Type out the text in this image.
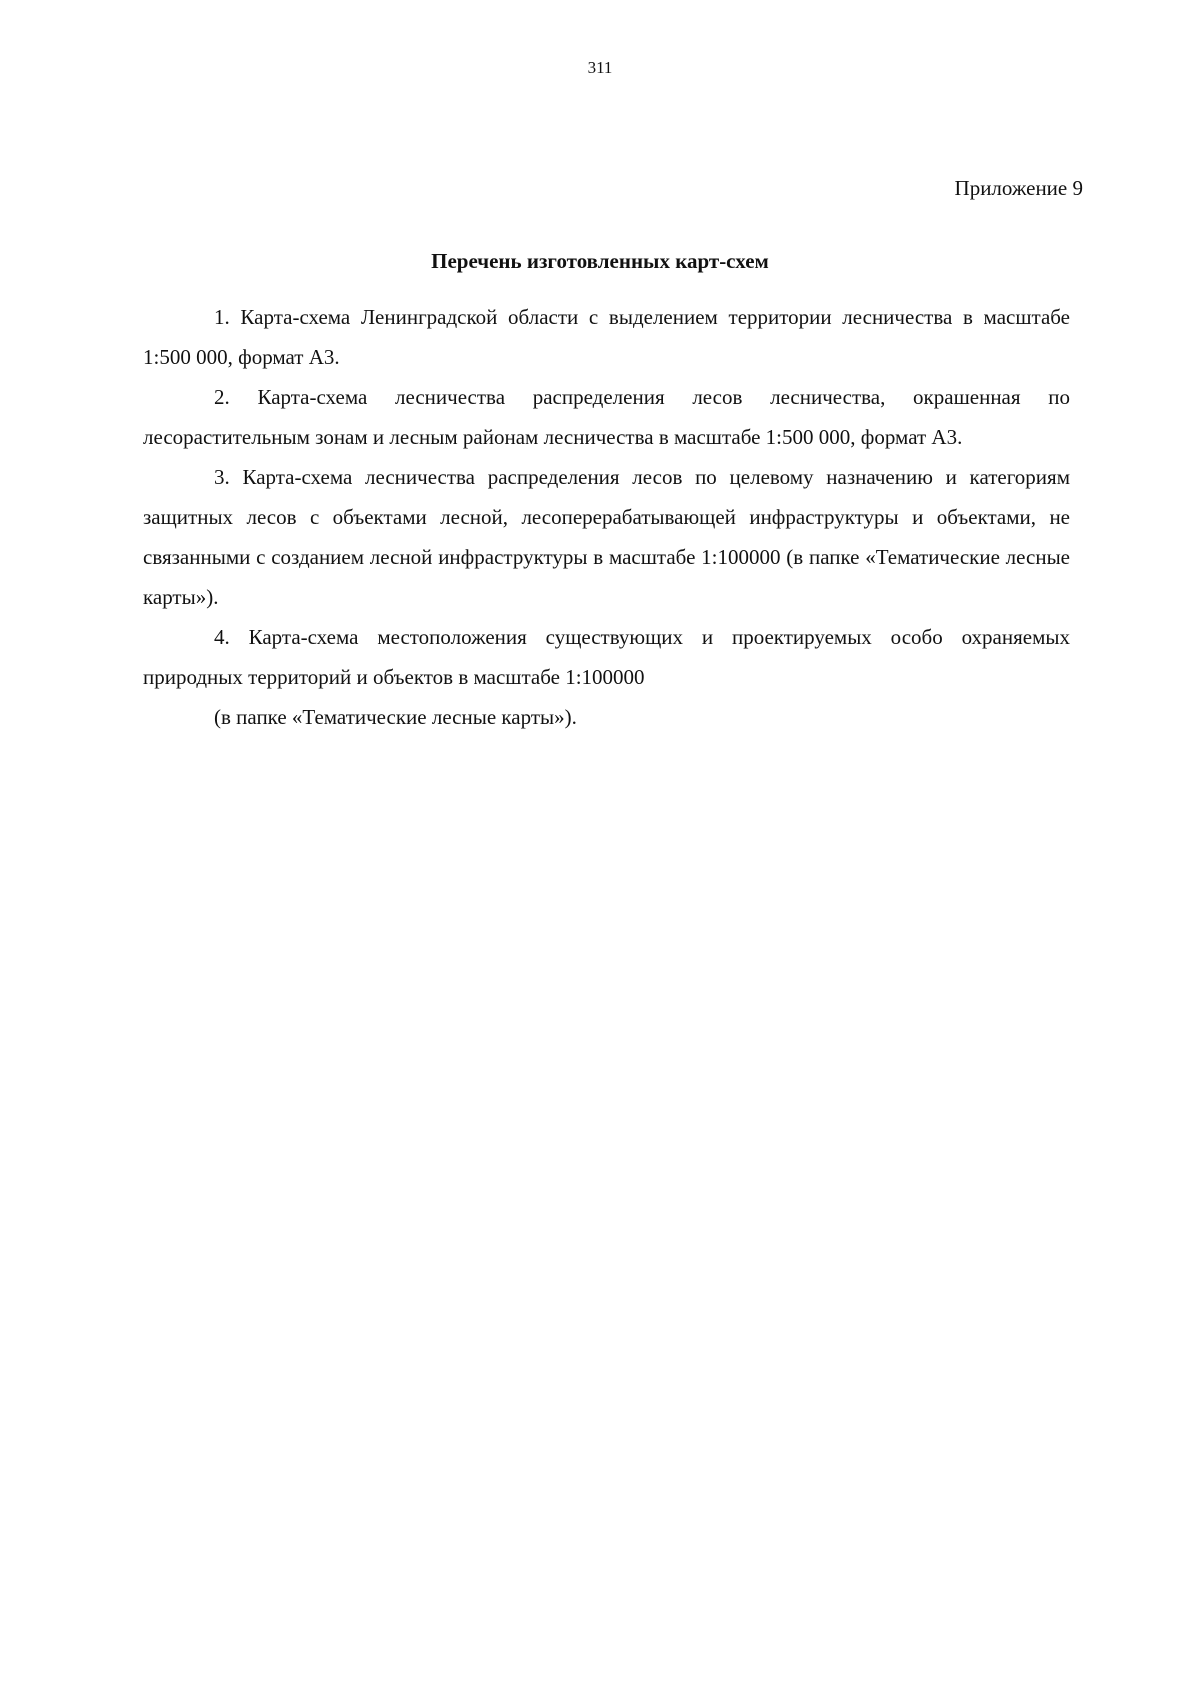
311
Приложение 9
Перечень изготовленных карт-схем

1. Карта-схема Ленинградской области с выделением территории лесничества в масштабе 1:500 000, формат А3.

2. Карта-схема лесничества распределения лесов лесничества, окрашенная по лесорастительным зонам и лесным районам лесничества в масштабе 1:500 000, формат А3.

3. Карта-схема лесничества распределения лесов по целевому назначению и категориям защитных лесов с объектами лесной, лесоперерабатывающей инфраструктуры и объектами, не связанными с созданием лесной инфраструктуры в масштабе 1:100000 (в папке «Тематические лесные карты»).

4. Карта-схема местоположения существующих и проектируемых особо охраняемых природных территорий и объектов в масштабе 1:100000

(в папке «Тематические лесные карты»).
